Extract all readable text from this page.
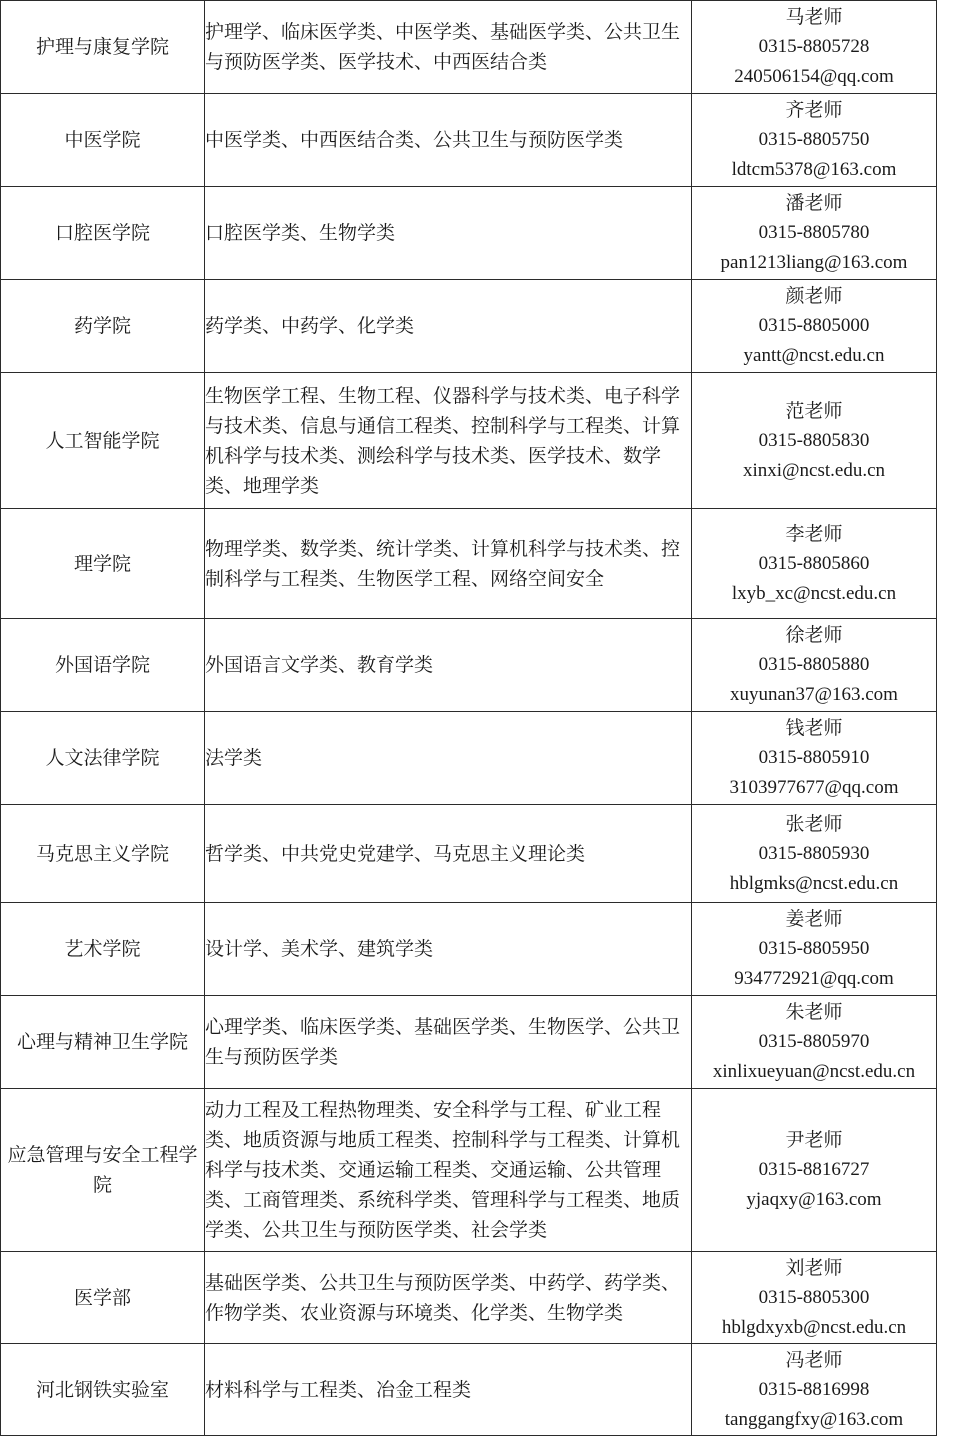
护理与康复学院	护理学、临床医学类、中医学类、基础医学类、公共卫生与预防医学类、医学技术、中西医结合类	马老师
0315-8805728
240506154@qq.com

中医学院	中医学类、中西医结合类、公共卫生与预防医学类	齐老师
0315-8805750
ldtcm5378@163.com

口腔医学院	口腔医学类、生物学类	潘老师
0315-8805780
pan1213liang@163.com

药学院	药学类、中药学、化学类	颜老师
0315-8805000
yantt@ncst.edu.cn

人工智能学院	生物医学工程、生物工程、仪器科学与技术类、电子科学与技术类、信息与通信工程类、控制科学与工程类、计算机科学与技术类、测绘科学与技术类、医学技术、数学类、地理学类	范老师
0315-8805830
xinxi@ncst.edu.cn

理学院	物理学类、数学类、统计学类、计算机科学与技术类、控制科学与工程类、生物医学工程、网络空间安全	李老师
0315-8805860
lxyb_xc@ncst.edu.cn

外国语学院	外国语言文学类、教育学类	徐老师
0315-8805880
xuyunan37@163.com

人文法律学院	法学类	钱老师
0315-8805910
3103977677@qq.com

马克思主义学院	哲学类、中共党史党建学、马克思主义理论类	张老师
0315-8805930
hblgmks@ncst.edu.cn

艺术学院	设计学、美术学、建筑学类	姜老师
0315-8805950
934772921@qq.com

心理与精神卫生学院	心理学类、临床医学类、基础医学类、生物医学、公共卫生与预防医学类	朱老师
0315-8805970
xinlixueyuan@ncst.edu.cn

应急管理与安全工程学院	动力工程及工程热物理类、安全科学与工程、矿业工程类、地质资源与地质工程类、控制科学与工程类、计算机科学与技术类、交通运输工程类、交通运输、公共管理类、工商管理类、系统科学类、管理科学与工程类、地质学类、公共卫生与预防医学类、社会学类	尹老师
0315-8816727
yjaqxy@163.com

医学部	基础医学类、公共卫生与预防医学类、中药学、药学类、作物学类、农业资源与环境类、化学类、生物学类	刘老师
0315-8805300
hblgdxyxb@ncst.edu.cn

河北钢铁实验室	材料科学与工程类、冶金工程类	冯老师
0315-8816998
tanggangfxy@163.com
